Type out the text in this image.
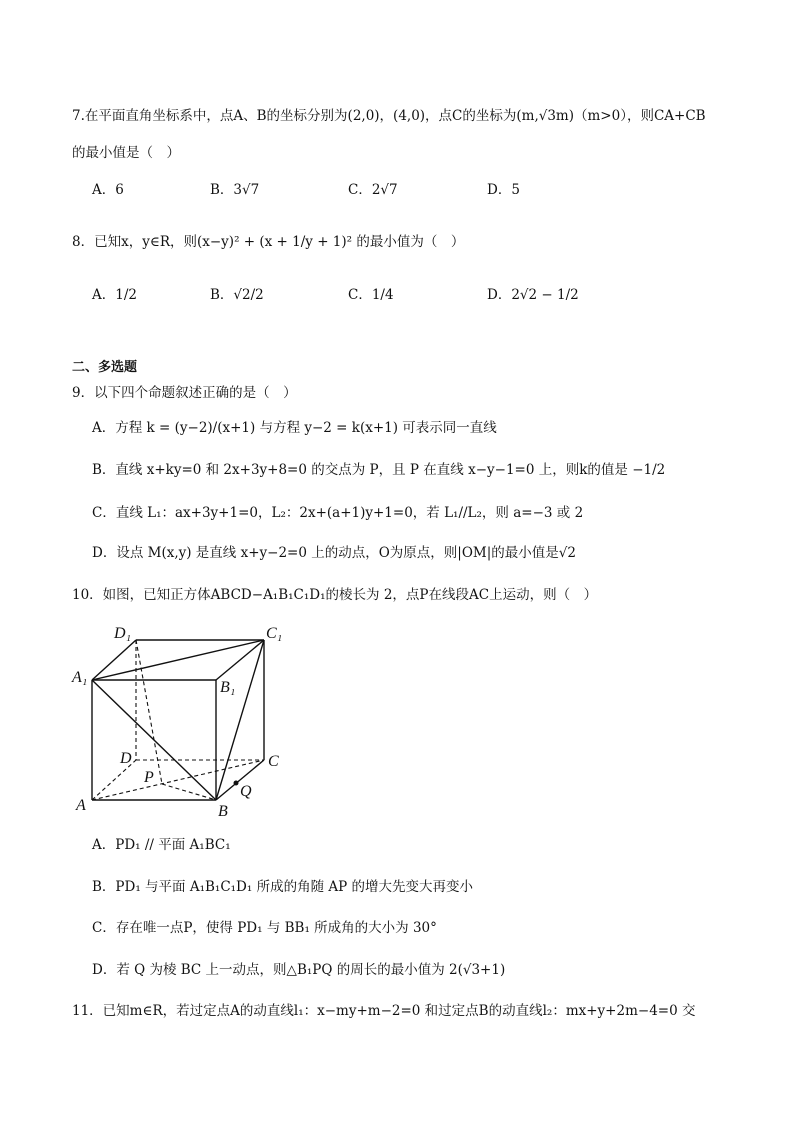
7.在平面直角坐标系中，点A、B的坐标分别为(2,0)，(4,0)，点C的坐标为(m,√3m)（m>0），则CA+CB
的最小值是（　）
A．6	B．3√7	C．2√7	D．5
8．已知x，y∈R，则(x−y)² + (x + 1/y + 1)² 的最小值为（　）
A．1/2	B．√2/2	C．1/4	D．2√2 − 1/2
二、多选题
9．以下四个命题叙述正确的是（　）
A．方程 k = (y−2)/(x+1) 与方程 y−2 = k(x+1) 可表示同一直线
B．直线 x+ky=0 和 2x+3y+8=0 的交点为 P，且 P 在直线 x−y−1=0 上，则k的值是 −1/2
C．直线 L₁：ax+3y+1=0，L₂：2x+(a+1)y+1=0，若 L₁//L₂，则 a=−3 或 2
D．设点 M(x,y) 是直线 x+y−2=0 上的动点，O为原点，则|OM|的最小值是√2
10．如图，已知正方体ABCD−A₁B₁C₁D₁的棱长为 2，点P在线段AC上运动，则（　）
D₁	C₁
A₁
B₁
D	C
P
A	B
Q
A．PD₁ // 平面 A₁BC₁
B．PD₁ 与平面 A₁B₁C₁D₁ 所成的角随 AP 的增大先变大再变小
C．存在唯一点P，使得 PD₁ 与 BB₁ 所成角的大小为 30°
D．若 Q 为棱 BC 上一动点，则△B₁PQ 的周长的最小值为 2(√3+1)
11．已知m∈R，若过定点A的动直线l₁：x−my+m−2=0 和过定点B的动直线l₂：mx+y+2m−4=0 交
